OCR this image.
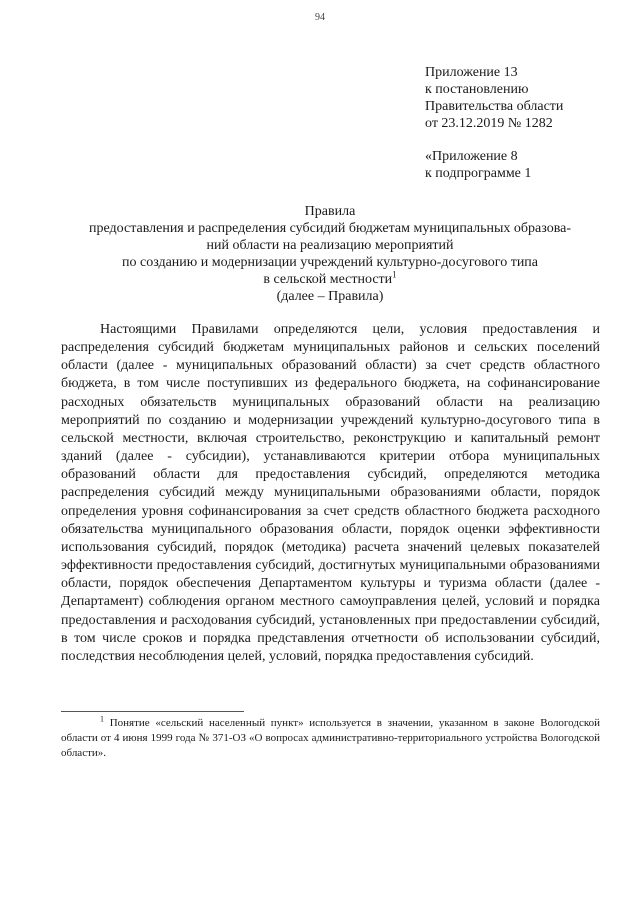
94
Приложение 13
к постановлению
Правительства области
от 23.12.2019 № 1282
«Приложение 8
к подпрограмме 1
Правила
предоставления и распределения субсидий бюджетам муниципальных образова-
ний области на реализацию мероприятий
по созданию и модернизации учреждений культурно-досугового типа
в сельской местности$^1$
(далее – Правила)

Настоящими Правилами определяются цели, условия предоставления и распределения субсидий бюджетам муниципальных районов и сельских поселений области (далее - муниципальных образований области) за счет средств областного бюджета, в том числе поступивших из федерального бюджета, на софинансирование расходных обязательств муниципальных образований области на реализацию мероприятий по созданию и модернизации учреждений культурно-досугового типа в сельской местности, включая строительство, реконструкцию и капитальный ремонт зданий (далее - субсидии), устанавливаются критерии отбора муниципальных образований области для предоставления субсидий, определяются методика распределения субсидий между муниципальными образованиями области, порядок определения уровня софинансирования за счет средств областного бюджета расходного обязательства муниципального образования области, порядок оценки эффективности использования субсидий, порядок (методика) расчета значений целевых показателей эффективности предоставления субсидий, достигнутых муниципальными образованиями области, порядок обеспечения Департаментом культуры и туризма области (далее - Департамент) соблюдения органом местного самоуправления целей, условий и порядка предоставления и расходования субсидий, установленных при предоставлении субсидий, в том числе сроков и порядка представления отчетности об использовании субсидий, последствия несоблюдения целей, условий, порядка предоставления субсидий.

$^1$ Понятие «сельский населенный пункт» используется в значении, указанном в законе Вологодской области от 4 июня 1999 года № 371-ОЗ «О вопросах административно-территориального устройства Вологодской области».
